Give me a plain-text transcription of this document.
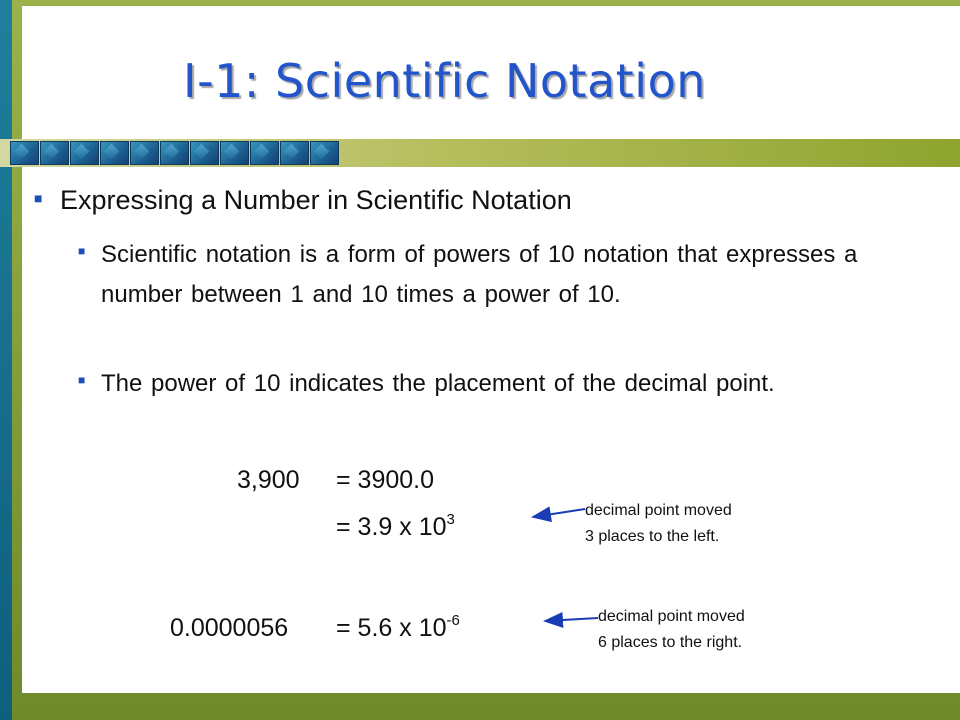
I-1: Scientific Notation
■ Expressing a Number in Scientific Notation
■ Scientific notation is a form of powers of 10 notation that expresses a number between 1 and 10 times a power of 10.
■ The power of 10 indicates the placement of the decimal point.
3,900 = 3900.0
= 3.9 x $10^3$
decimal point moved
3 places to the left.
0.0000056 = 5.6 x $10^{-6}$	decimal point moved
6 places to the right.
